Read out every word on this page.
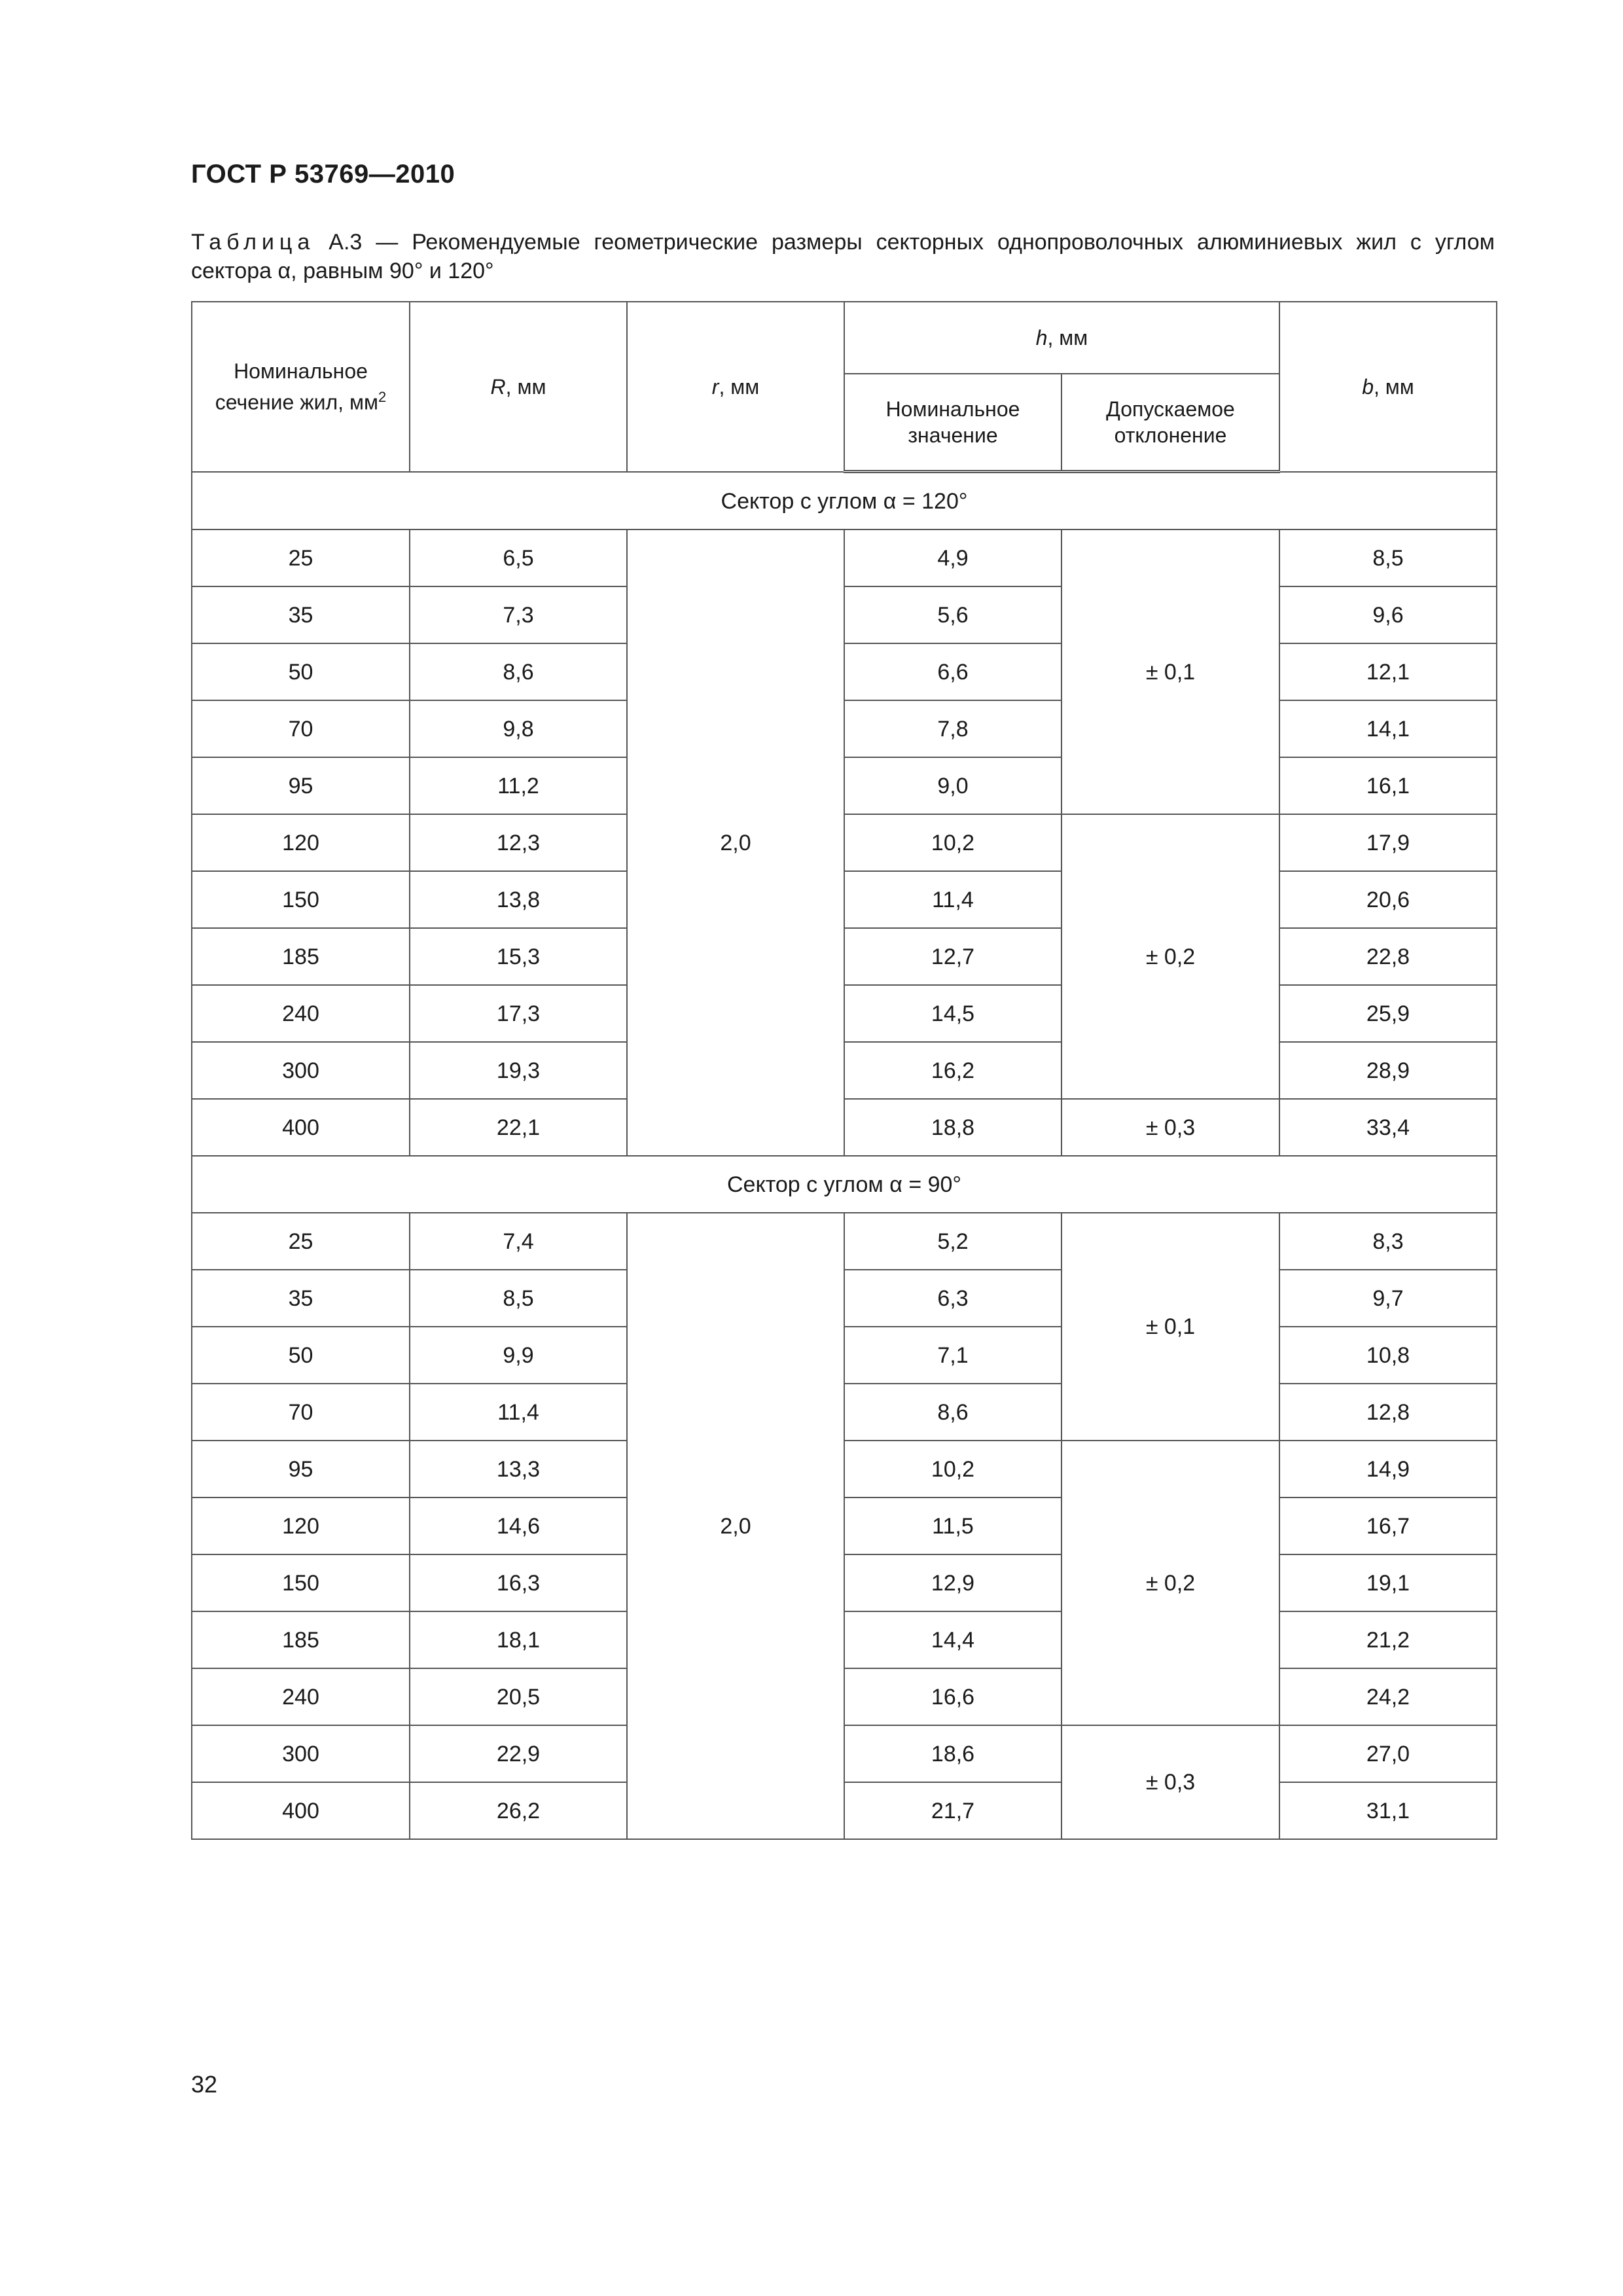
ГОСТ Р 53769—2010
Таблица А.3 — Рекомендуемые геометрические размеры секторных однопроволочных алюминиевых жил с углом сектора α, равным 90° и 120°
Номинальное сечение жил, $мм^2$	R, мм	r, мм	h, мм		b, мм
			Номинальное значение	Допускаемое отклонение	
Сектор с углом α = 120°					
25	6,5	2,0	4,9	± 0,1	8,5
35	7,3		5,6		9,6
50	8,6		6,6		12,1
70	9,8		7,8		14,1
95	11,2		9,0		16,1
120	12,3		10,2	± 0,2	17,9
150	13,8		11,4		20,6
185	15,3		12,7		22,8
240	17,3		14,5		25,9
300	19,3		16,2		28,9
400	22,1		18,8	± 0,3	33,4
Сектор с углом α = 90°					
25	7,4	2,0	5,2	± 0,1	8,3
35	8,5		6,3		9,7
50	9,9		7,1		10,8
70	11,4		8,6		12,8
95	13,3		10,2	± 0,2	14,9
120	14,6		11,5		16,7
150	16,3		12,9		19,1
185	18,1		14,4		21,2
240	20,5		16,6		24,2
300	22,9		18,6	± 0,3	27,0
400	26,2		21,7		31,1
32
